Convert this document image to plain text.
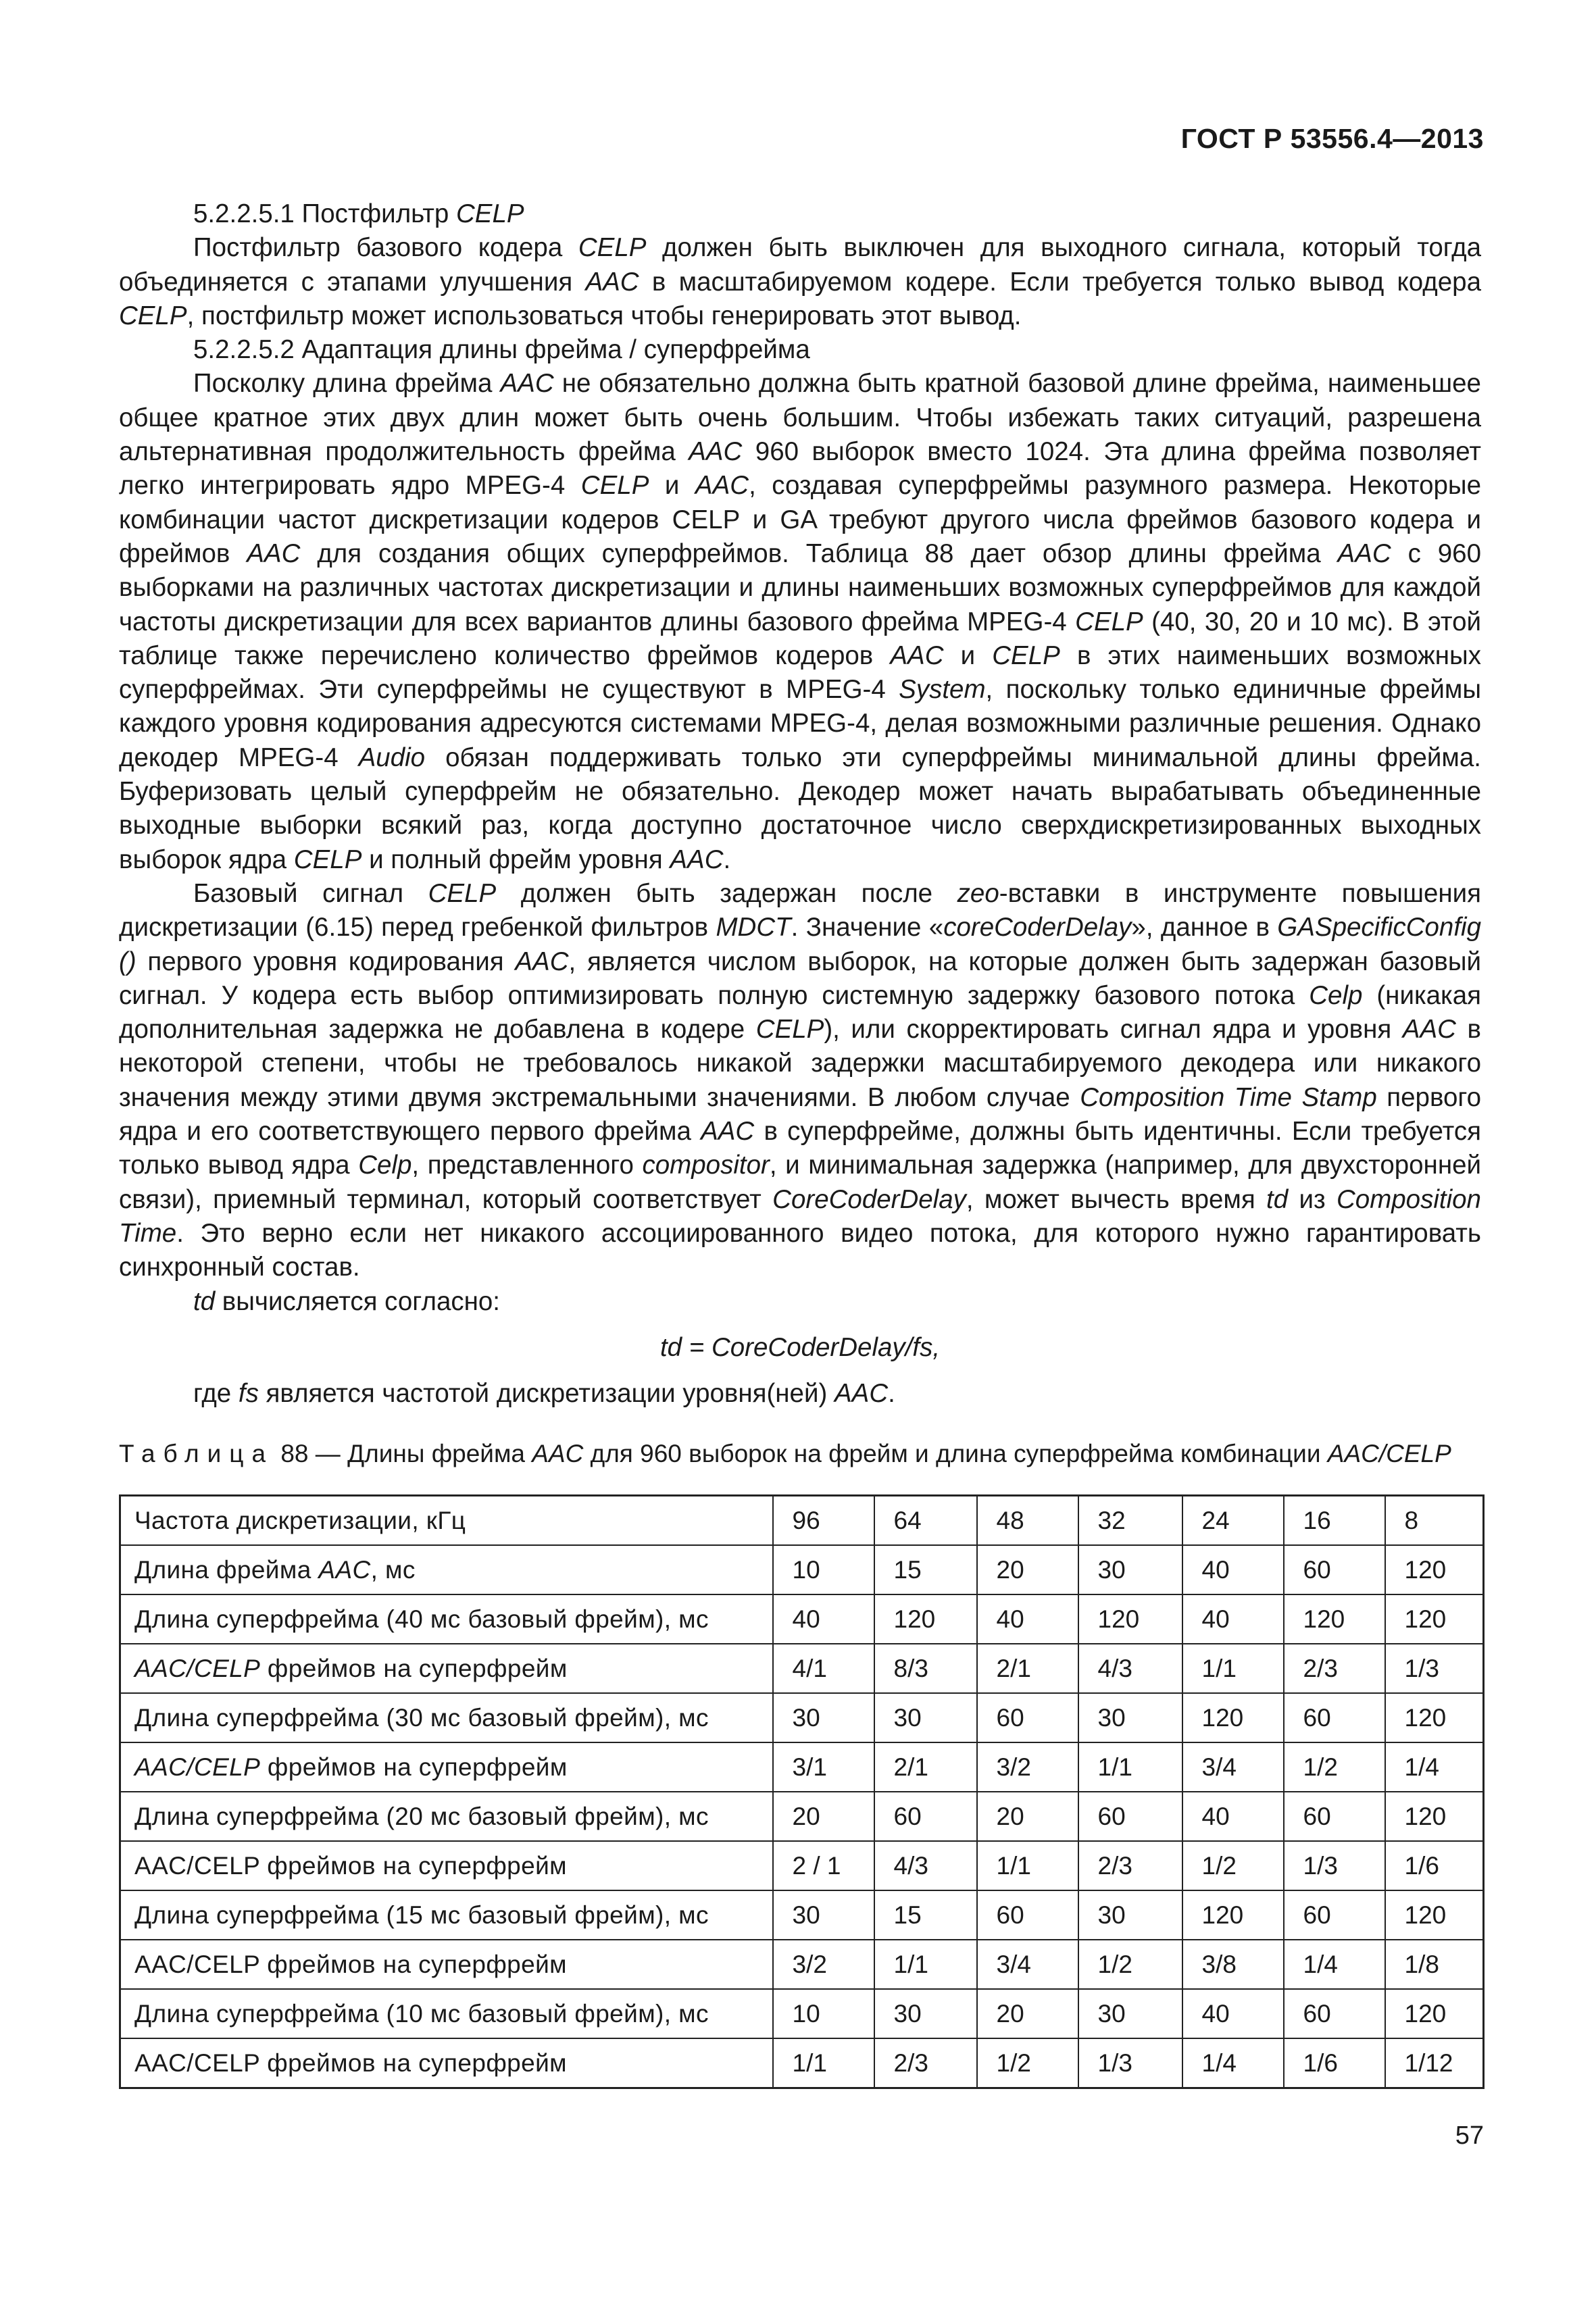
ГОСТ Р 53556.4—2013

5.2.2.5.1 Постфильтр CELP

Постфильтр базового кодера CELP должен быть выключен для выходного сигнала, который тогда объединяется с этапами улучшения AAC в масштабируемом кодере. Если требуется только вывод кодера CELP, постфильтр может использоваться чтобы генерировать этот вывод.

5.2.2.5.2 Адаптация длины фрейма / суперфрейма

Посколку длина фрейма AAC не обязательно должна быть кратной базовой длине фрейма, наименьшее общее кратное этих двух длин может быть очень большим. Чтобы избежать таких ситуаций, разрешена альтернативная продолжительность фрейма AAC 960 выборок вместо 1024. Эта длина фрейма позволяет легко интегрировать ядро MPEG-4 CELP и AAC, создавая суперфреймы разумного размера. Некоторые комбинации частот дискретизации кодеров CELP и GA требуют другого числа фреймов базового кодера и фреймов AAC для создания общих суперфреймов. Таблица 88 дает обзор длины фрейма AAC с 960 выборками на различных частотах дискретизации и длины наименьших возможных суперфреймов для каждой частоты дискретизации для всех вариантов длины базового фрейма MPEG-4 CELP (40, 30, 20 и 10 мс). В этой таблице также перечислено количество фреймов кодеров AAC и CELP в этих наименьших возможных суперфреймах. Эти суперфреймы не существуют в MPEG-4 System, поскольку только единичные фреймы каждого уровня кодирования адресуются системами MPEG-4, делая возможными различные решения. Однако декодер MPEG-4 Audio обязан поддерживать только эти суперфреймы минимальной длины фрейма. Буферизовать целый суперфрейм не обязательно. Декодер может начать вырабатывать объединенные выходные выборки всякий раз, когда доступно достаточное число сверхдискретизированных выходных выборок ядра CELP и полный фрейм уровня AAC.

Базовый сигнал CELP должен быть задержан после zeo-вставки в инструменте повышения дискретизации (6.15) перед гребенкой фильтров MDCT. Значение «coreCoderDelay», данное в GASpecificConfig () первого уровня кодирования AAC, является числом выборок, на которые должен быть задержан базовый сигнал. У кодера есть выбор оптимизировать полную системную задержку базового потока Celp (никакая дополнительная задержка не добавлена в кодере CELP), или скорректировать сигнал ядра и уровня AAC в некоторой степени, чтобы не требовалось никакой задержки масштабируемого декодера или никакого значения между этими двумя экстремальными значениями. В любом случае Composition Time Stamp первого ядра и его соответствующего первого фрейма AAC в суперфрейме, должны быть идентичны. Если требуется только вывод ядра Celp, представленного compositor, и минимальная задержка (например, для двухсторонней связи), приемный терминал, который соответствует CoreCoderDelay, может вычесть время td из Composition Time. Это верно если нет никакого ассоциированного видео потока, для которого нужно гарантировать синхронный состав.

td вычисляется согласно:

td = CoreCoderDelay/fs,

где fs является частотой дискретизации уровня(ней) AAC.

Таблица 88 — Длины фрейма AAC для 960 выборок на фрейм и длина суперфрейма комбинации AAC/CELP
Частота дискретизации, кГц	96	64	48	32	24	16	8
Длина фрейма AAC, мс	10	15	20	30	40	60	120
Длина суперфрейма (40 мс базовый фрейм), мс	40	120	40	120	40	120	120
AAC/CELP фреймов на суперфрейм	4/1	8/3	2/1	4/3	1/1	2/3	1/3
Длина суперфрейма (30 мс базовый фрейм), мс	30	30	60	30	120	60	120
AAC/CELP фреймов на суперфрейм	3/1	2/1	3/2	1/1	3/4	1/2	1/4
Длина суперфрейма (20 мс базовый фрейм), мс	20	60	20	60	40	60	120
AAC/CELP фреймов на суперфрейм	2 / 1	4/3	1/1	2/3	1/2	1/3	1/6
Длина суперфрейма (15 мс базовый фрейм), мс	30	15	60	30	120	60	120
AAC/CELP фреймов на суперфрейм	3/2	1/1	3/4	1/2	3/8	1/4	1/8
Длина суперфрейма (10 мс базовый фрейм), мс	10	30	20	30	40	60	120
AAC/CELP фреймов на суперфрейм	1/1	2/3	1/2	1/3	1/4	1/6	1/12
57
